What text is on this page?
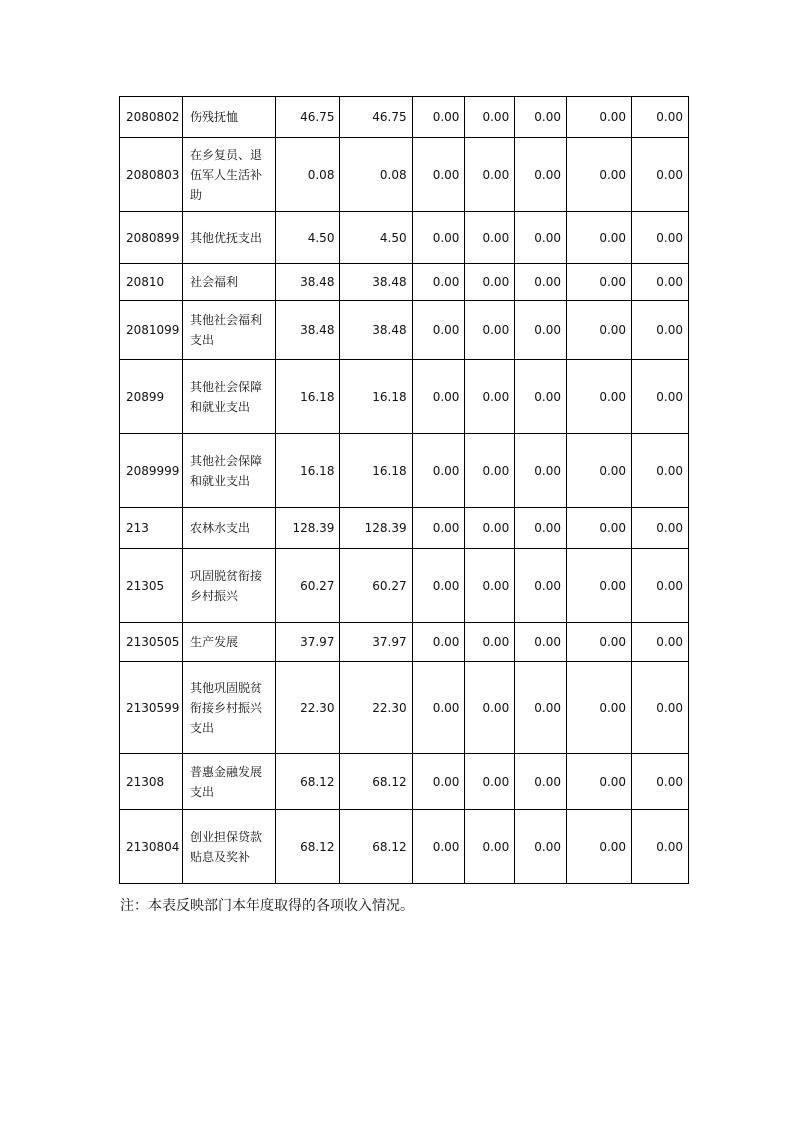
2080802	伤残抚恤	46.75	46.75	0.00	0.00	0.00	0.00	0.00
2080803	在乡复员、退伍军人生活补助	0.08	0.08	0.00	0.00	0.00	0.00	0.00
2080899	其他优抚支出	4.50	4.50	0.00	0.00	0.00	0.00	0.00
20810	社会福利	38.48	38.48	0.00	0.00	0.00	0.00	0.00
2081099	其他社会福利支出	38.48	38.48	0.00	0.00	0.00	0.00	0.00
20899	其他社会保障和就业支出	16.18	16.18	0.00	0.00	0.00	0.00	0.00
2089999	其他社会保障和就业支出	16.18	16.18	0.00	0.00	0.00	0.00	0.00
213	农林水支出	128.39	128.39	0.00	0.00	0.00	0.00	0.00
21305	巩固脱贫衔接乡村振兴	60.27	60.27	0.00	0.00	0.00	0.00	0.00
2130505	生产发展	37.97	37.97	0.00	0.00	0.00	0.00	0.00
2130599	其他巩固脱贫衔接乡村振兴支出	22.30	22.30	0.00	0.00	0.00	0.00	0.00
21308	普惠金融发展支出	68.12	68.12	0.00	0.00	0.00	0.00	0.00
2130804	创业担保贷款贴息及奖补	68.12	68.12	0.00	0.00	0.00	0.00	0.00
注：本表反映部门本年度取得的各项收入情况。
